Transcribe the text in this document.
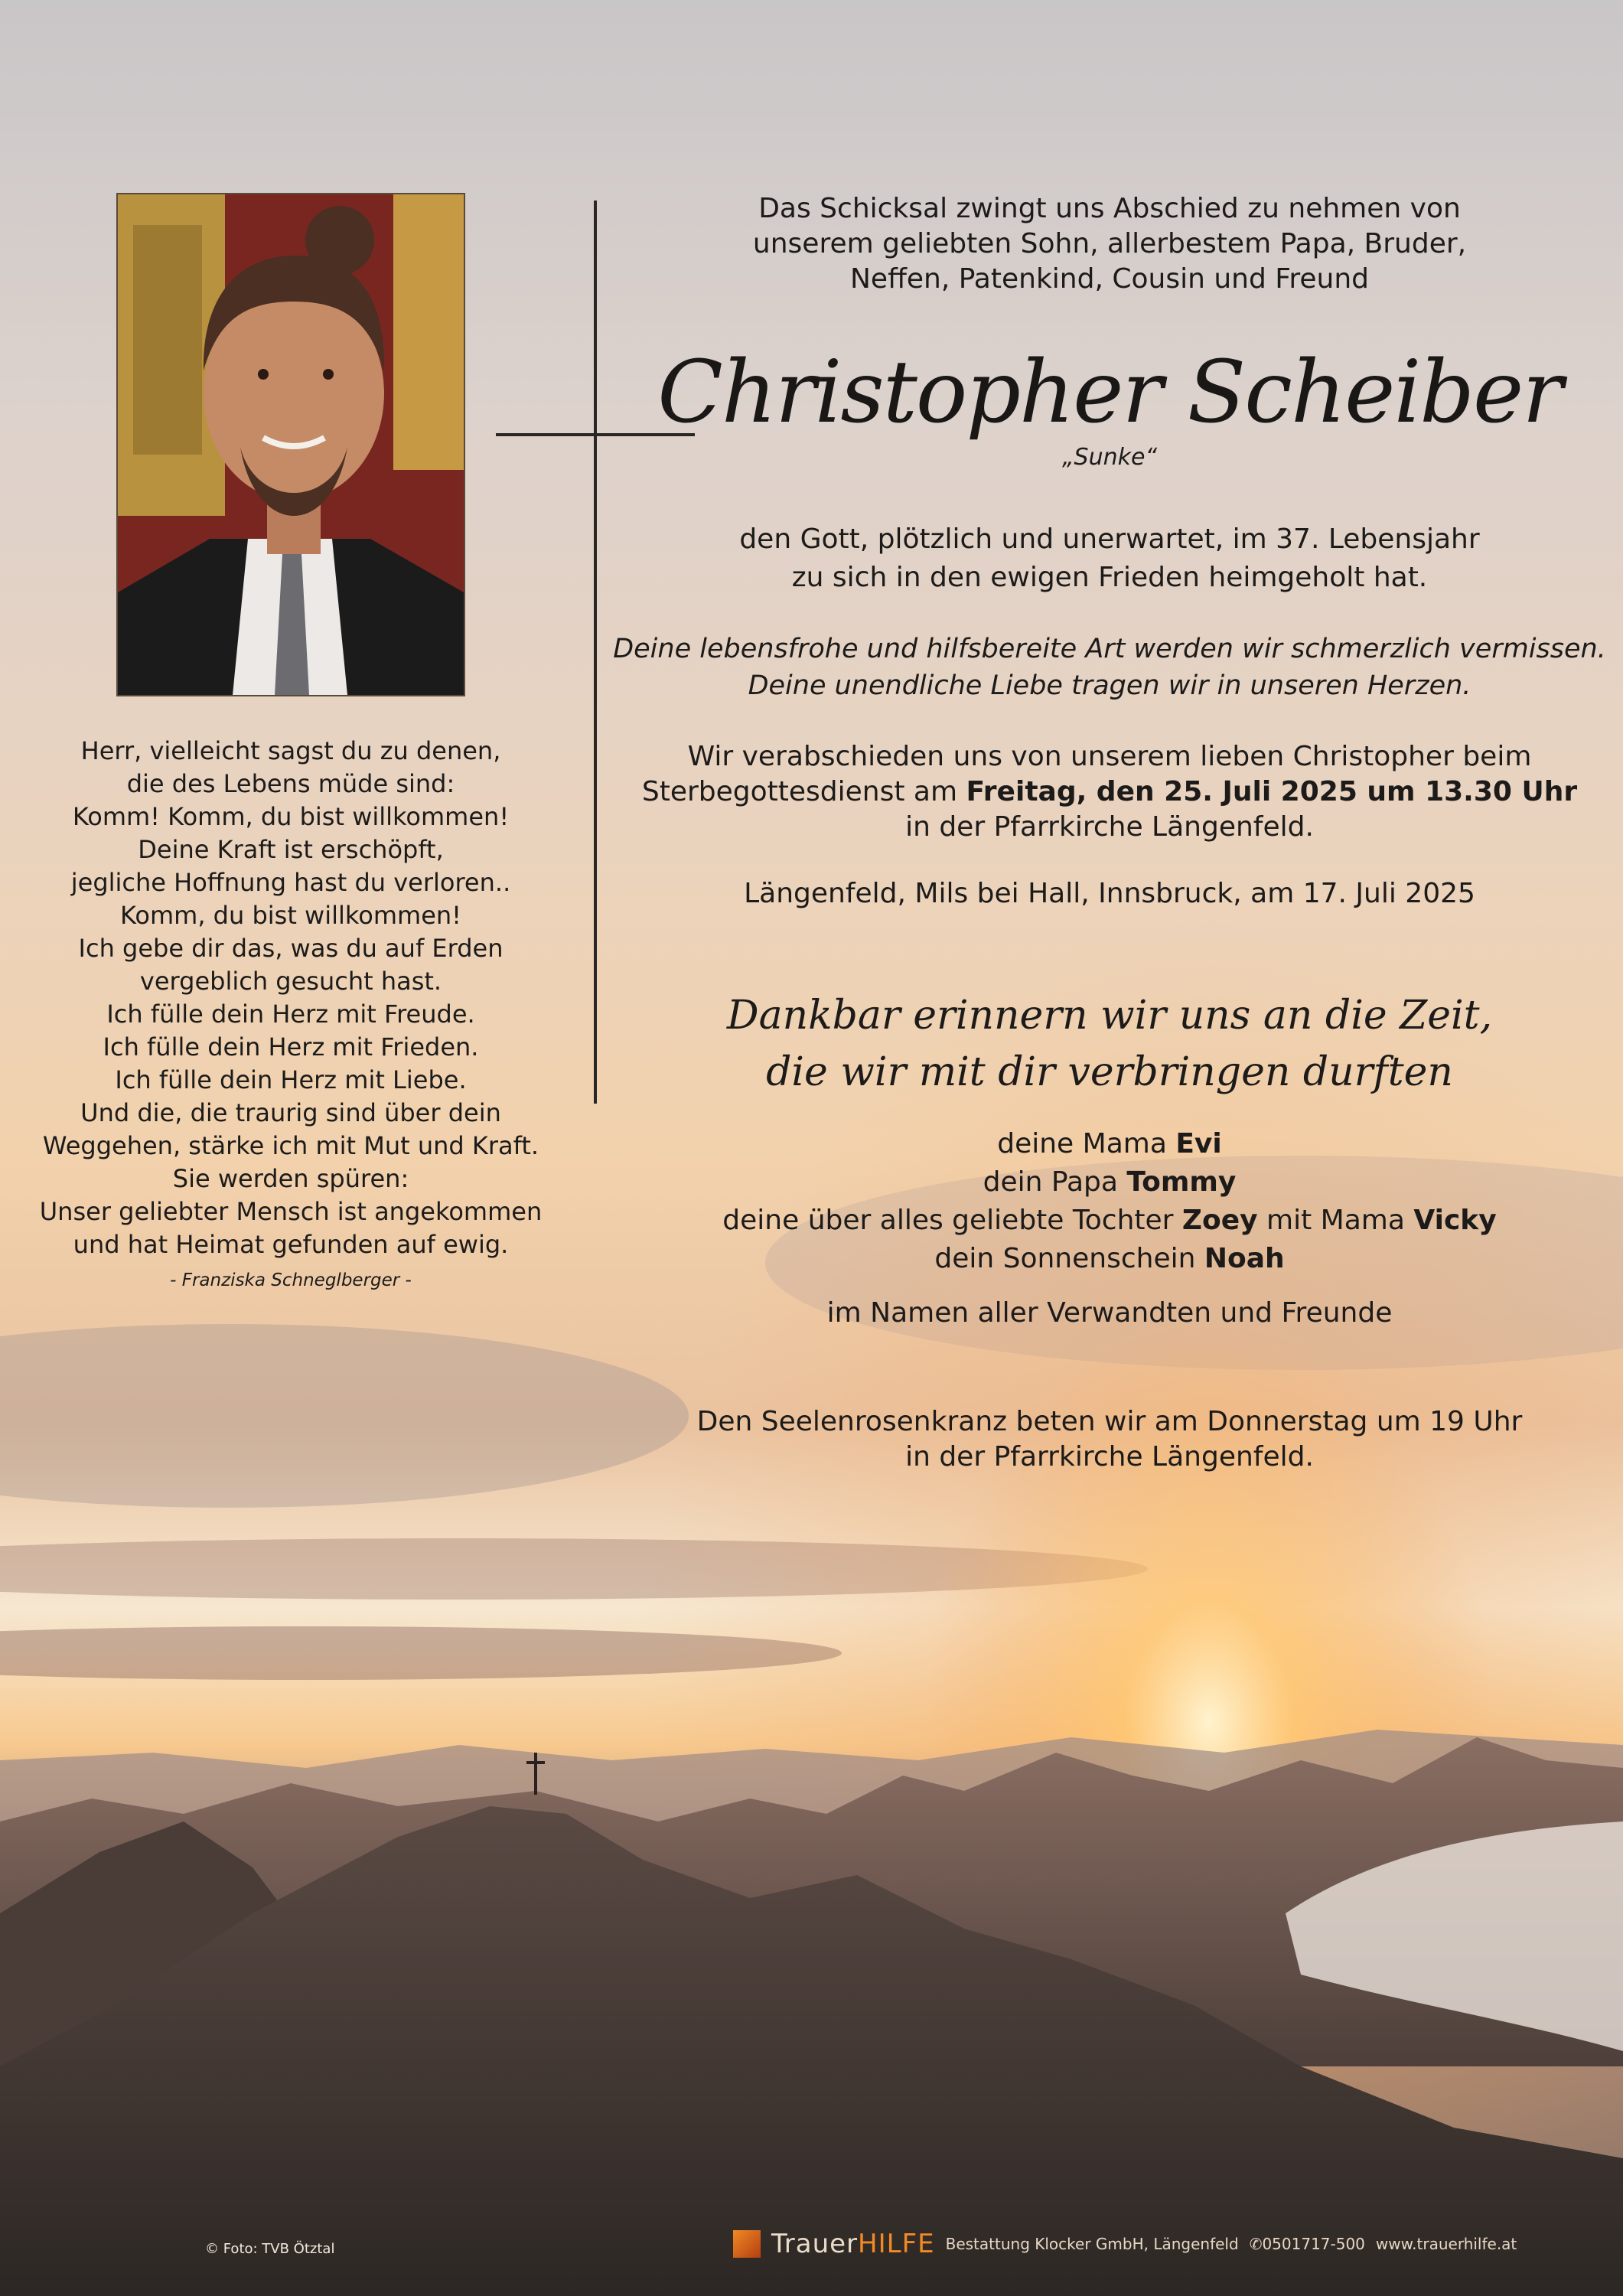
Herr, vielleicht sagst du zu denen,
die des Lebens müde sind:
Komm! Komm, du bist willkommen!
Deine Kraft ist erschöpft,
jegliche Hoffnung hast du verloren..
Komm, du bist willkommen!
Ich gebe dir das, was du auf Erden
vergeblich gesucht hast.
Ich fülle dein Herz mit Freude.
Ich fülle dein Herz mit Frieden.
Ich fülle dein Herz mit Liebe.
Und die, die traurig sind über dein
Weggehen, stärke ich mit Mut und Kraft.
Sie werden spüren:
Unser geliebter Mensch ist angekommen
und hat Heimat gefunden auf ewig.
- Franziska Schneglberger -
Das Schicksal zwingt uns Abschied zu nehmen von
unserem geliebten Sohn, allerbestem Papa, Bruder,
Neffen, Patenkind, Cousin und Freund
Christopher Scheiber
„Sunke“
den Gott, plötzlich und unerwartet, im 37. Lebensjahr
zu sich in den ewigen Frieden heimgeholt hat.
Deine lebensfrohe und hilfsbereite Art werden wir schmerzlich vermissen.
Deine unendliche Liebe tragen wir in unseren Herzen.
Wir verabschieden uns von unserem lieben Christopher beim
Sterbegottesdienst am Freitag, den 25. Juli 2025 um 13.30 Uhr
in der Pfarrkirche Längenfeld.
Längenfeld, Mils bei Hall, Innsbruck, am 17. Juli 2025
Dankbar erinnern wir uns an die Zeit,
die wir mit dir verbringen durften
deine Mama Evi
dein Papa Tommy
deine über alles geliebte Tochter Zoey mit Mama Vicky
dein Sonnenschein Noah
im Namen aller Verwandten und Freunde
Den Seelenrosenkranz beten wir am Donnerstag um 19 Uhr
in der Pfarrkirche Längenfeld.
© Foto: TVB Ötztal	TrauerHILFE Bestattung Klocker GmbH, Längenfeld ✆0501717-500 www.trauerhilfe.at
